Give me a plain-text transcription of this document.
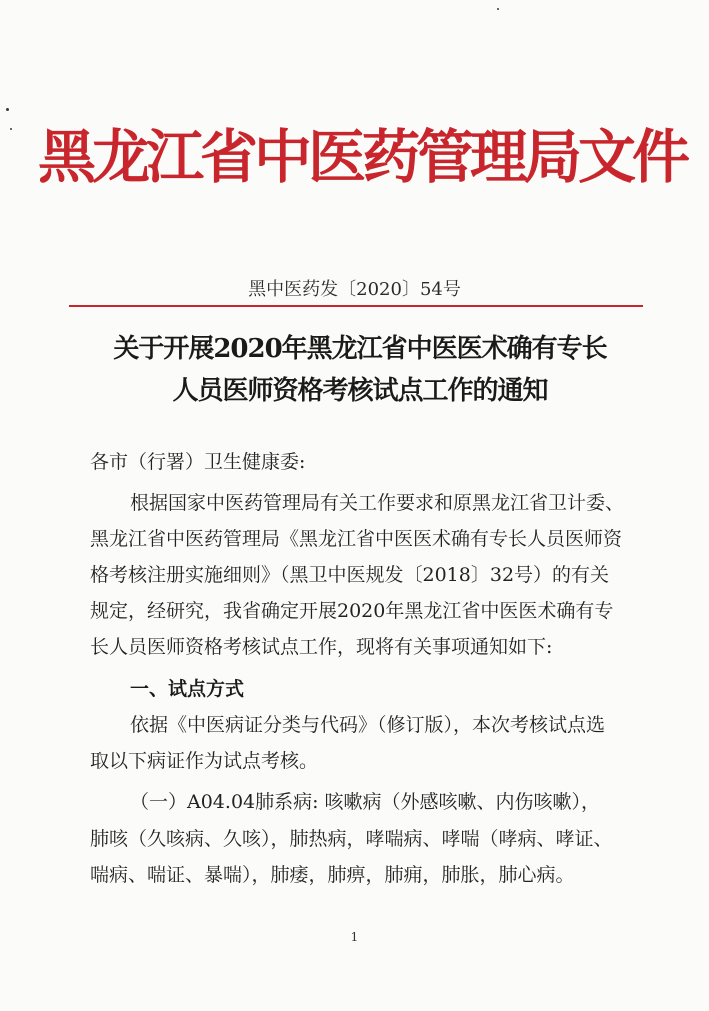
黑龙江省中医药管理局文件
黑中医药发〔2020〕54号
关于开展2020年黑龙江省中医医术确有专长
人员医师资格考核试点工作的通知
各市（行署）卫生健康委:
根据国家中医药管理局有关工作要求和原黑龙江省卫计委、
黑龙江省中医药管理局《黑龙江省中医医术确有专长人员医师资
格考核注册实施细则》（黑卫中医规发〔2018〕32号）的有关
规定，经研究，我省确定开展2020年黑龙江省中医医术确有专
长人员医师资格考核试点工作，现将有关事项通知如下:
一、试点方式
依据《中医病证分类与代码》（修订版），本次考核试点选
取以下病证作为试点考核。
（一）A04.04肺系病: 咳嗽病（外感咳嗽、内伤咳嗽），
肺咳（久咳病、久咳），肺热病，哮喘病、哮喘（哮病、哮证、
喘病、喘证、暴喘），肺痿，肺痹，肺痈，肺胀，肺心病。
1
